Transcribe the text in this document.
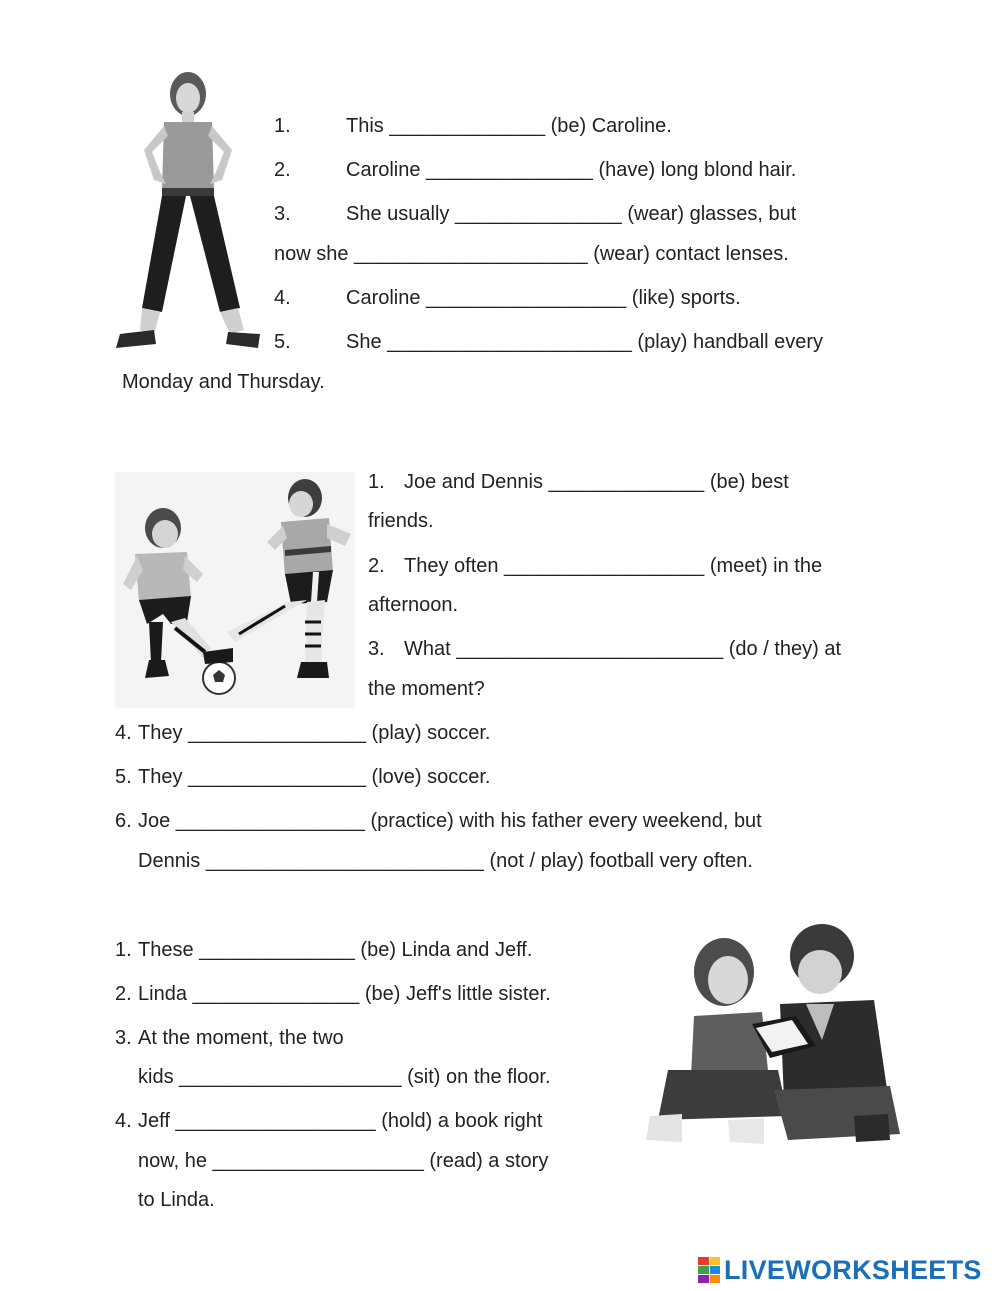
1.	This ______________ (be) Caroline.
2.	Caroline _______________ (have) long blond hair.
3.	She usually _______________ (wear) glasses, but
now she _____________________ (wear) contact lenses.
4.	Caroline __________________ (like) sports.
5.	She ______________________ (play) handball every
Monday and Thursday.
1. Joe and Dennis ______________ (be) best
friends.
2. They often __________________ (meet) in the
afternoon.
3. What ________________________ (do / they) at
the moment?
4. They ________________ (play) soccer.
5. They ________________ (love) soccer.
6. Joe _________________ (practice) with his father every weekend, but
Dennis _________________________ (not / play) football very often.
1. These ______________ (be) Linda and Jeff.
2. Linda _______________ (be) Jeff's little sister.
3. At the moment, the two
kids ____________________ (sit) on the floor.
4. Jeff __________________ (hold) a book right
now, he ___________________ (read) a story
to Linda.
LIVEWORKSHEETS
